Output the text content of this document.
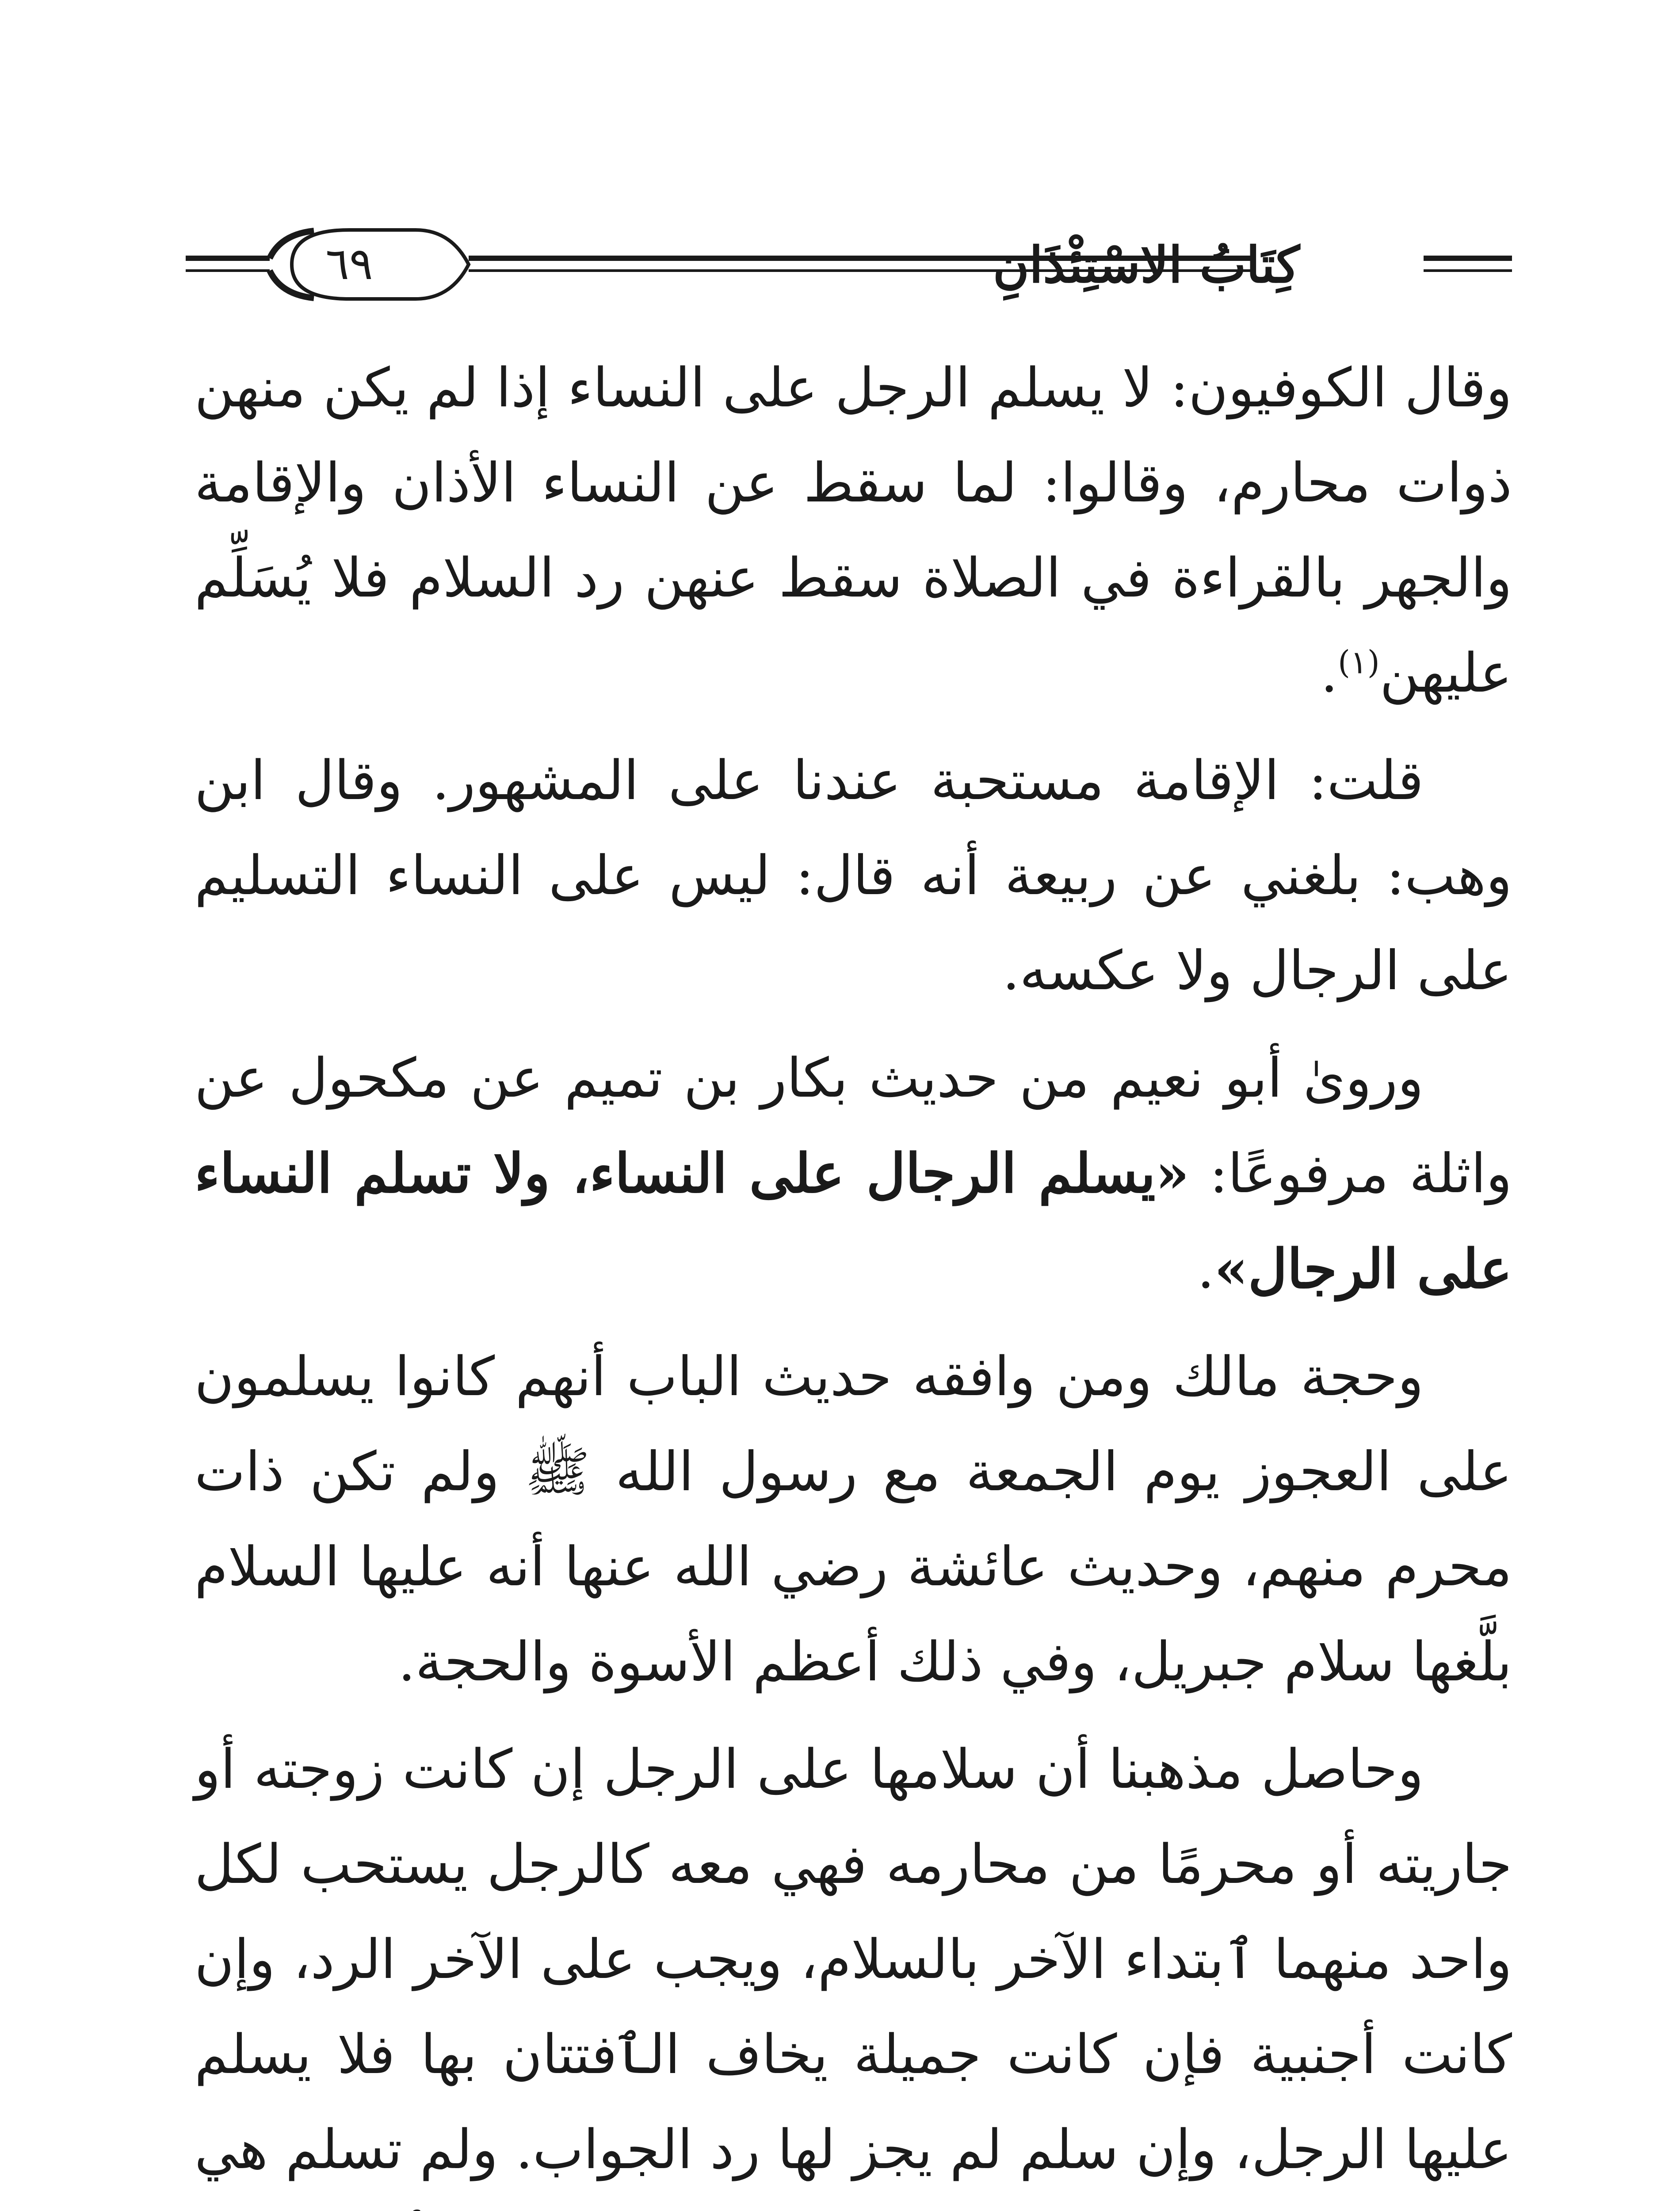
٦٩	كِتَابُ الاسْتِئْذَانِ

وقال الكوفيون: لا يسلم الرجل على النساء إذا لم يكن منهن ذوات محارم، وقالوا: لما سقط عن النساء الأذان والإقامة والجهر بالقراءة في الصلاة سقط عنهن رد السلام فلا يُسَلِّم عليهن$^{(١)}$.

قلت: الإقامة مستحبة عندنا على المشهور. وقال ابن وهب: بلغني عن ربيعة أنه قال: ليس على النساء التسليم على الرجال ولا عكسه.

وروىٰ أبو نعيم من حديث بكار بن تميم عن مكحول عن واثلة مرفوعًا: «يسلم الرجال على النساء، ولا تسلم النساء على الرجال».

وحجة مالك ومن وافقه حديث الباب أنهم كانوا يسلمون على العجوز يوم الجمعة مع رسول الله ﷺ ولم تكن ذات محرم منهم، وحديث عائشة رضي الله عنها أنه عليها السلام بلَّغها سلام جبريل، وفي ذلك أعظم الأسوة والحجة.

وحاصل مذهبنا أن سلامها على الرجل إن كانت زوجته أو جاريته أو محرمًا من محارمه فهي معه كالرجل يستحب لكل واحد منهما ٱبتداء الآخر بالسلام، ويجب على الآخر الرد، وإن كانت أجنبية فإن كانت جميلة يخاف الٱفتتان بها فلا يسلم عليها الرجل، وإن سلم لم يجز لها رد الجواب. ولم تسلم هي
